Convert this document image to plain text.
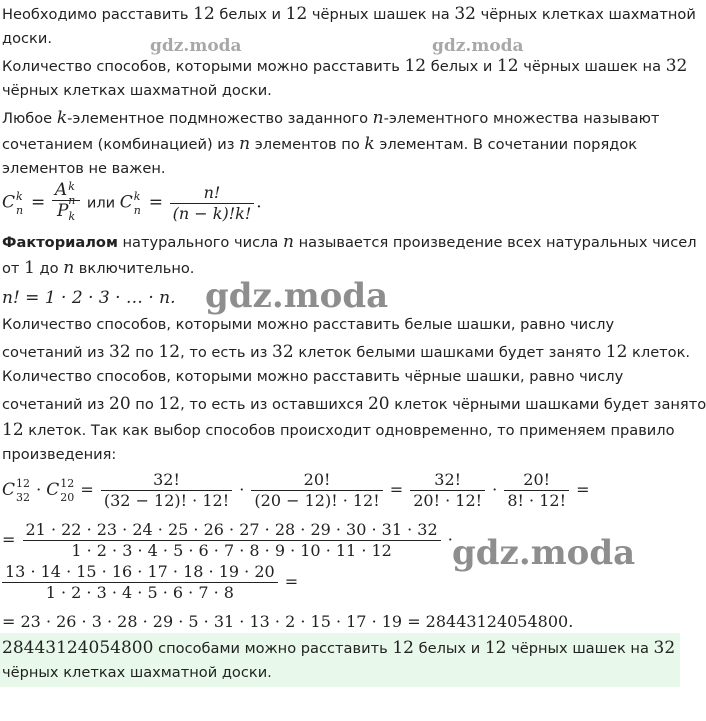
Необходимо расставить 12 белых и 12 чёрных шашек на 32 чёрных клетках шахматной
доски.
Количество способов, которыми можно расставить 12 белых и 12 чёрных шашек на 32
чёрных клетках шахматной доски.
Любое k-элементное подмножество заданного n-элементного множества называют
сочетанием (комбинацией) из n элементов по k элементам. В сочетании порядок
элементов не важен.
C k
n = A k
n
$P_k$ или C k
$n = \frac{n!}{(n - k)!k!}$ .
Факториалом натурального числа n называется произведение всех натуральных чисел
от 1 до n включительно.
n! = 1 · 2 · 3 · … · n.
Количество способов, которыми можно расставить белые шашки, равно числу
сочетаний из 32 по 12, то есть из 32 клеток белыми шашками будет занято 12 клеток.
Количество способов, которыми можно расставить чёрные шашки, равно числу
сочетаний из 20 по 12, то есть из оставшихся 20 клеток чёрными шашками будет занято
12 клеток. Так как выбор способов происходит одновременно, то применяем правило
произведения:
C 12
32 · C 12
$20 = \frac{32!}{(32 - 12)! \cdot 12!} \cdot \frac{20!}{(20 - 12)! \cdot 12!} = \frac{32!}{20! \cdot 12!} \cdot \frac{20!}{8! \cdot 12!}$ =
= $\frac{21 \cdot 22 \cdot 23 \cdot 24 \cdot 25 \cdot 26 \cdot 27 \cdot 28 \cdot 29 \cdot 30 \cdot 31 \cdot 32}{1 \cdot 2 \cdot 3 \cdot 4 \cdot 5 \cdot 6 \cdot 7 \cdot 8 \cdot 9 \cdot 10 \cdot 11 \cdot 12}$ ·
$\frac{13 \cdot 14 \cdot 15 \cdot 16 \cdot 17 \cdot 18 \cdot 19 \cdot 20}{1 \cdot 2 \cdot 3 \cdot 4 \cdot 5 \cdot 6 \cdot 7 \cdot 8}$ =
= 23 · 26 · 3 · 28 · 29 · 5 · 31 · 13 · 2 · 15 · 17 · 19 = 28443124054800.
28443124054800 способами можно расставить 12 белых и 12 чёрных шашек на 32
чёрных клетках шахматной доски.
gdz.moda	gdz.moda
gdz.moda
gdz.moda
